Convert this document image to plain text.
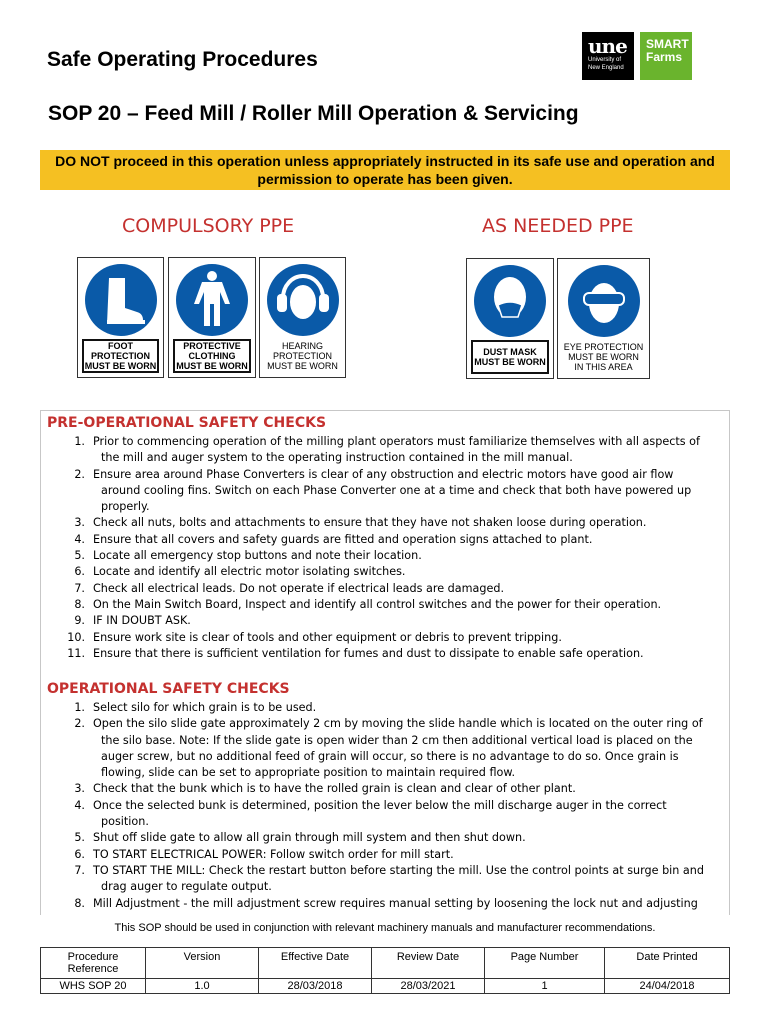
Safe Operating Procedures
une
University of
New England
SMART
Farms
SOP 20 – Feed Mill / Roller Mill Operation & Servicing
DO NOT proceed in this operation unless appropriately instructed in its safe use and operation and permission to operate has been given.
COMPULSORY PPE	AS NEEDED PPE
FOOT
PROTECTION
MUST BE WORN
PROTECTIVE
CLOTHING
MUST BE WORN
HEARING
PROTECTION
MUST BE WORN
DUST MASK
MUST BE WORN
EYE PROTECTION
MUST BE WORN
IN THIS AREA
PRE-OPERATIONAL SAFETY CHECKS
1. Prior to commencing operation of the milling plant operators must familiarize themselves with all aspects of
the mill and auger system to the operating instruction contained in the mill manual.
2. Ensure area around Phase Converters is clear of any obstruction and electric motors have good air flow
around cooling fins. Switch on each Phase Converter one at a time and check that both have powered up
properly.
3. Check all nuts, bolts and attachments to ensure that they have not shaken loose during operation.
4. Ensure that all covers and safety guards are fitted and operation signs attached to plant.
5. Locate all emergency stop buttons and note their location.
6. Locate and identify all electric motor isolating switches.
7. Check all electrical leads. Do not operate if electrical leads are damaged.
8. On the Main Switch Board, Inspect and identify all control switches and the power for their operation.
9. IF IN DOUBT ASK.
10. Ensure work site is clear of tools and other equipment or debris to prevent tripping.
11. Ensure that there is sufficient ventilation for fumes and dust to dissipate to enable safe operation.
OPERATIONAL SAFETY CHECKS
1. Select silo for which grain is to be used.
2. Open the silo slide gate approximately 2 cm by moving the slide handle which is located on the outer ring of
the silo base. Note: If the slide gate is open wider than 2 cm then additional vertical load is placed on the
auger screw, but no additional feed of grain will occur, so there is no advantage to do so. Once grain is
flowing, slide can be set to appropriate position to maintain required flow.
3. Check that the bunk which is to have the rolled grain is clean and clear of other plant.
4. Once the selected bunk is determined, position the lever below the mill discharge auger in the correct
position.
5. Shut off slide gate to allow all grain through mill system and then shut down.
6. TO START ELECTRICAL POWER: Follow switch order for mill start.
7. TO START THE MILL: Check the restart button before starting the mill. Use the control points at surge bin and
drag auger to regulate output.
8. Mill Adjustment - the mill adjustment screw requires manual setting by loosening the lock nut and adjusting
This SOP should be used in conjunction with relevant machinery manuals and manufacturer recommendations.
Procedure
Reference	Version	Effective Date	Review Date	Page Number	Date Printed
WHS SOP 20	1.0	28/03/2018	28/03/2021	1	24/04/2018
